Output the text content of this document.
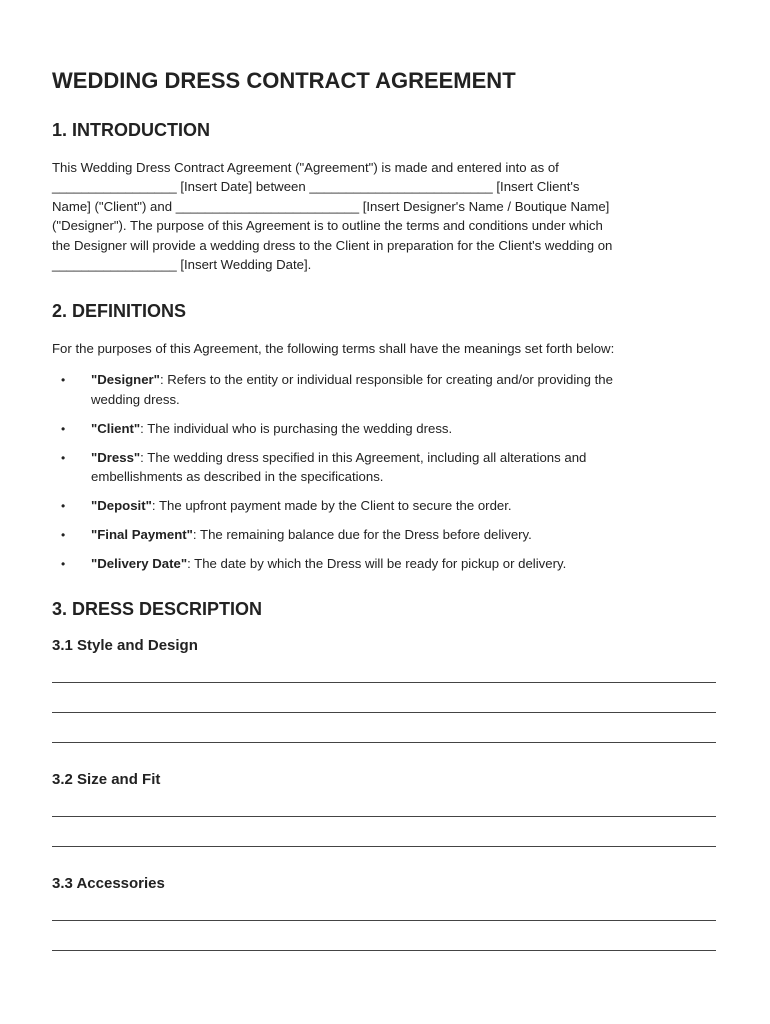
WEDDING DRESS CONTRACT AGREEMENT
1. INTRODUCTION
This Wedding Dress Contract Agreement ("Agreement") is made and entered into as of
_________________ [Insert Date] between _________________________ [Insert Client's
Name] ("Client") and _________________________ [Insert Designer's Name / Boutique Name]
("Designer"). The purpose of this Agreement is to outline the terms and conditions under which
the Designer will provide a wedding dress to the Client in preparation for the Client's wedding on
_________________ [Insert Wedding Date].
2. DEFINITIONS
For the purposes of this Agreement, the following terms shall have the meanings set forth below:
• "Designer": Refers to the entity or individual responsible for creating and/or providing the
wedding dress.
• "Client": The individual who is purchasing the wedding dress.
• "Dress": The wedding dress specified in this Agreement, including all alterations and
embellishments as described in the specifications.
• "Deposit": The upfront payment made by the Client to secure the order.
• "Final Payment": The remaining balance due for the Dress before delivery.
• "Delivery Date": The date by which the Dress will be ready for pickup or delivery.
3. DRESS DESCRIPTION
3.1 Style and Design
3.2 Size and Fit
3.3 Accessories
